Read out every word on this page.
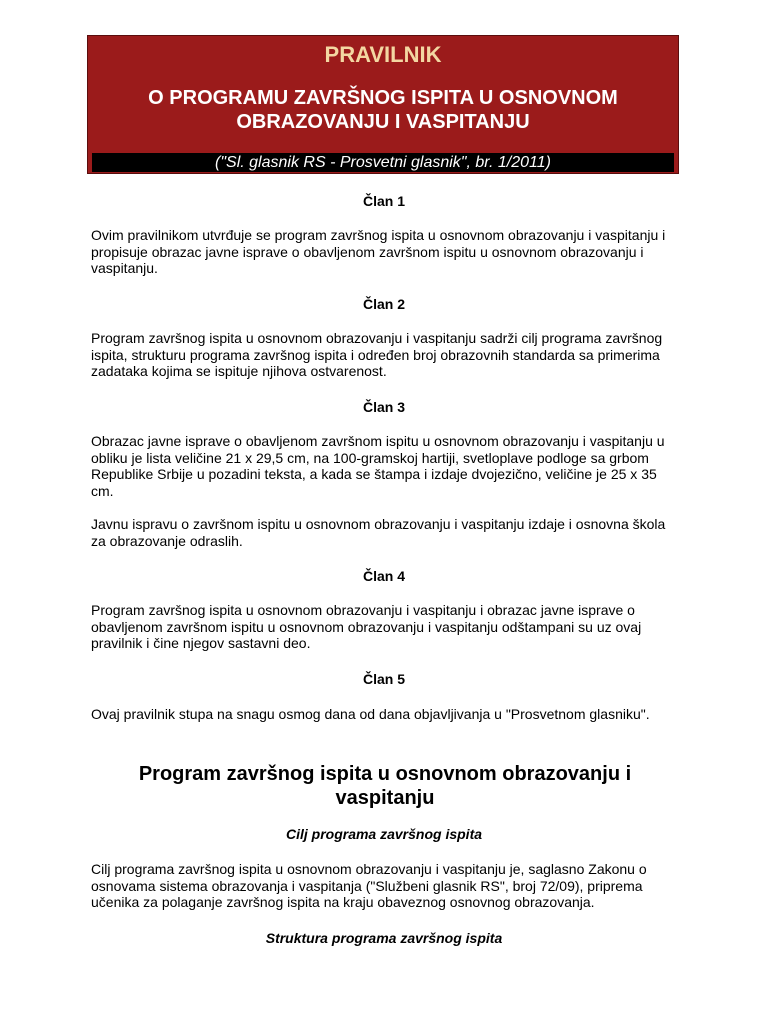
PRAVILNIK
O PROGRAMU ZAVRŠNOG ISPITA U OSNOVNOM OBRAZOVANJU I VASPITANJU
("Sl. glasnik RS - Prosvetni glasnik", br. 1/2011)
Član 1
Ovim pravilnikom utvrđuje se program završnog ispita u osnovnom obrazovanju i vaspitanju i propisuje obrazac javne isprave o obavljenom završnom ispitu u osnovnom obrazovanju i vaspitanju.
Član 2
Program završnog ispita u osnovnom obrazovanju i vaspitanju sadrži cilj programa završnog ispita, strukturu programa završnog ispita i određen broj obrazovnih standarda sa primerima zadataka kojima se ispituje njihova ostvarenost.
Član 3
Obrazac javne isprave o obavljenom završnom ispitu u osnovnom obrazovanju i vaspitanju u obliku je lista veličine 21 x 29,5 cm, na 100-gramskoj hartiji, svetloplave podloge sa grbom Republike Srbije u pozadini teksta, a kada se štampa i izdaje dvojezično, veličine je 25 x 35 cm.
Javnu ispravu o završnom ispitu u osnovnom obrazovanju i vaspitanju izdaje i osnovna škola za obrazovanje odraslih.
Član 4
Program završnog ispita u osnovnom obrazovanju i vaspitanju i obrazac javne isprave o obavljenom završnom ispitu u osnovnom obrazovanju i vaspitanju odštampani su uz ovaj pravilnik i čine njegov sastavni deo.
Član 5
Ovaj pravilnik stupa na snagu osmog dana od dana objavljivanja u "Prosvetnom glasniku".
Program završnog ispita u osnovnom obrazovanju i vaspitanju
Cilj programa završnog ispita
Cilj programa završnog ispita u osnovnom obrazovanju i vaspitanju je, saglasno Zakonu o osnovama sistema obrazovanja i vaspitanja ("Službeni glasnik RS", broj 72/09), priprema učenika za polaganje završnog ispita na kraju obaveznog osnovnog obrazovanja.
Struktura programa završnog ispita
